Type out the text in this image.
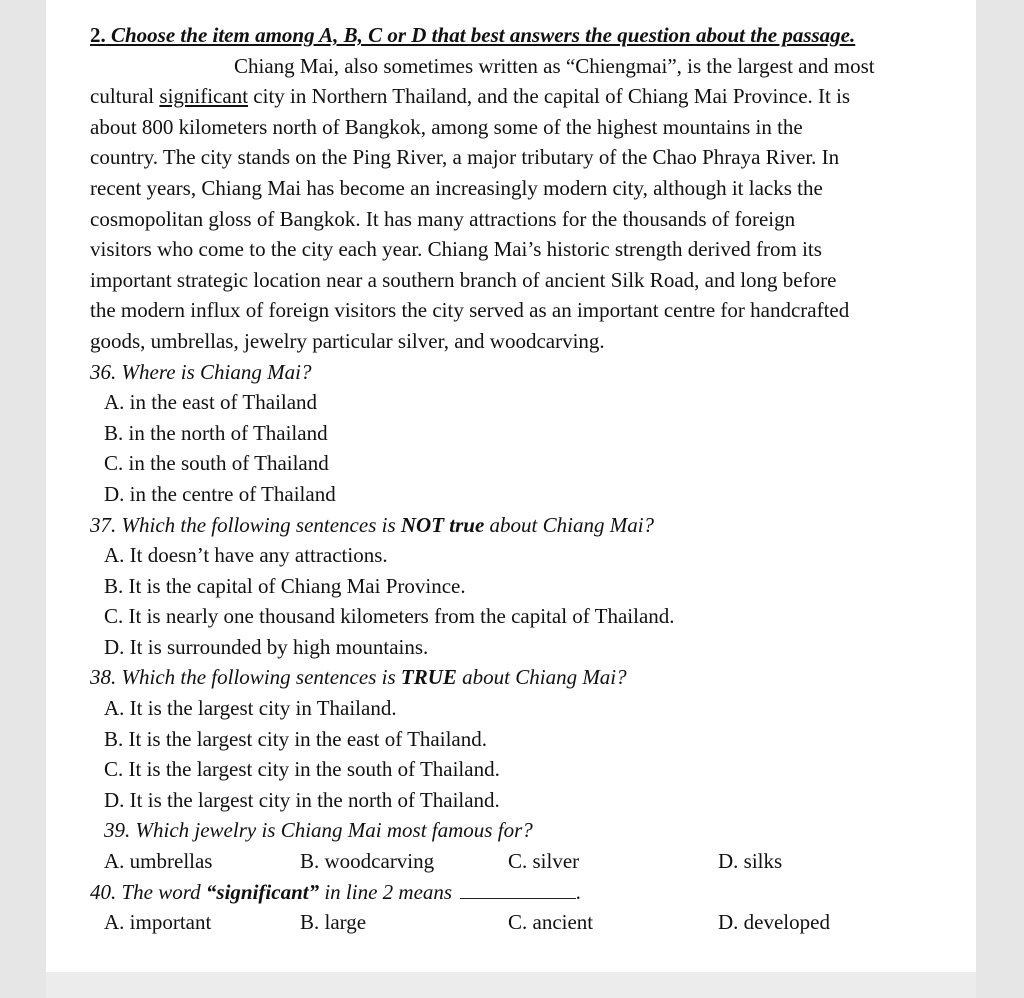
2. Choose the item among A, B, C or D that best answers the question about the passage.
Chiang Mai, also sometimes written as “Chiengmai”, is the largest and most
cultural significant city in Northern Thailand, and the capital of Chiang Mai Province. It is
about 800 kilometers north of Bangkok, among some of the highest mountains in the
country. The city stands on the Ping River, a major tributary of the Chao Phraya River. In
recent years, Chiang Mai has become an increasingly modern city, although it lacks the
cosmopolitan gloss of Bangkok. It has many attractions for the thousands of foreign
visitors who come to the city each year. Chiang Mai’s historic strength derived from its
important strategic location near a southern branch of ancient Silk Road, and long before
the modern influx of foreign visitors the city served as an important centre for handcrafted
goods, umbrellas, jewelry particular silver, and woodcarving.
36. Where is Chiang Mai?
A. in the east of Thailand
B. in the north of Thailand
C. in the south of Thailand
D. in the centre of Thailand
37. Which the following sentences is NOT true about Chiang Mai?
A. It doesn’t have any attractions.
B. It is the capital of Chiang Mai Province.
C. It is nearly one thousand kilometers from the capital of Thailand.
D. It is surrounded by high mountains.
38. Which the following sentences is TRUE about Chiang Mai?
A. It is the largest city in Thailand.
B. It is the largest city in the east of Thailand.
C. It is the largest city in the south of Thailand.
D. It is the largest city in the north of Thailand.
39. Which jewelry is Chiang Mai most famous for?
A. umbrellas	B. woodcarving	C. silver	D. silks
40. The word “significant” in line 2 means	.
A. important	B. large	C. ancient	D. developed
